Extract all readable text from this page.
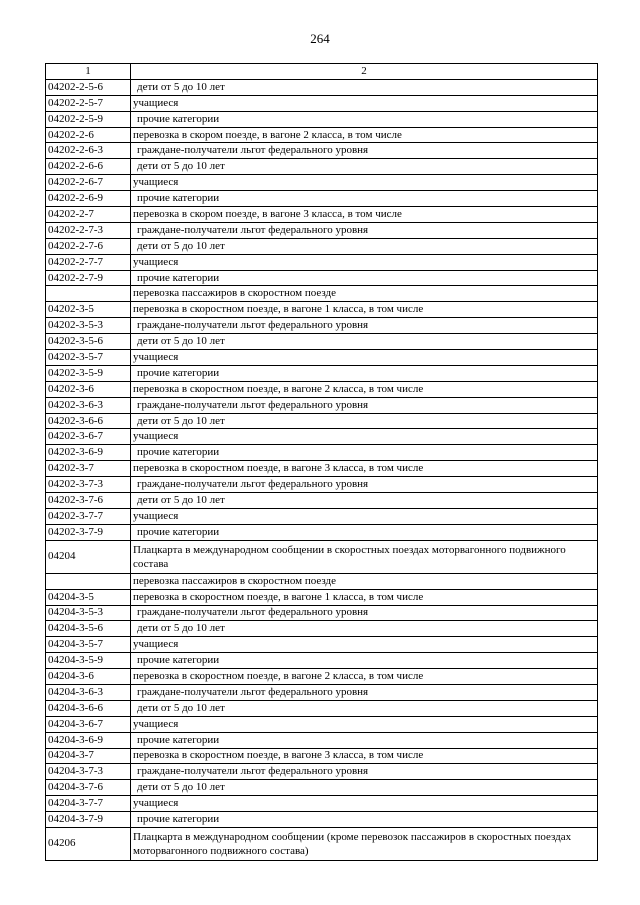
264
1	2
04202-2-5-6	дети от 5 до 10 лет
04202-2-5-7	учащиеся
04202-2-5-9	прочие категории
04202-2-6	перевозка в скором поезде, в вагоне 2 класса, в том числе
04202-2-6-3	граждане-получатели льгот федерального уровня
04202-2-6-6	дети от 5 до 10 лет
04202-2-6-7	учащиеся
04202-2-6-9	прочие категории
04202-2-7	перевозка в скором поезде, в вагоне 3 класса, в том числе
04202-2-7-3	граждане-получатели льгот федерального уровня
04202-2-7-6	дети от 5 до 10 лет
04202-2-7-7	учащиеся
04202-2-7-9	прочие категории
	перевозка пассажиров в скоростном поезде
04202-3-5	перевозка в скоростном поезде, в вагоне 1 класса, в том числе
04202-3-5-3	граждане-получатели льгот федерального уровня
04202-3-5-6	дети от 5 до 10 лет
04202-3-5-7	учащиеся
04202-3-5-9	прочие категории
04202-3-6	перевозка в скоростном поезде, в вагоне 2 класса, в том числе
04202-3-6-3	граждане-получатели льгот федерального уровня
04202-3-6-6	дети от 5 до 10 лет
04202-3-6-7	учащиеся
04202-3-6-9	прочие категории
04202-3-7	перевозка в скоростном поезде, в вагоне 3 класса, в том числе
04202-3-7-3	граждане-получатели льгот федерального уровня
04202-3-7-6	дети от 5 до 10 лет
04202-3-7-7	учащиеся
04202-3-7-9	прочие категории
04204	Плацкарта в международном сообщении в скоростных поездах моторвагонного подвижного состава
	перевозка пассажиров в скоростном поезде
04204-3-5	перевозка в скоростном поезде, в вагоне 1 класса, в том числе
04204-3-5-3	граждане-получатели льгот федерального уровня
04204-3-5-6	дети от 5 до 10 лет
04204-3-5-7	учащиеся
04204-3-5-9	прочие категории
04204-3-6	перевозка в скоростном поезде, в вагоне 2 класса, в том числе
04204-3-6-3	граждане-получатели льгот федерального уровня
04204-3-6-6	дети от 5 до 10 лет
04204-3-6-7	учащиеся
04204-3-6-9	прочие категории
04204-3-7	перевозка в скоростном поезде, в вагоне 3 класса, в том числе
04204-3-7-3	граждане-получатели льгот федерального уровня
04204-3-7-6	дети от 5 до 10 лет
04204-3-7-7	учащиеся
04204-3-7-9	прочие категории
04206	Плацкарта в международном сообщении (кроме перевозок пассажиров в скоростных поездах моторвагонного подвижного состава)
